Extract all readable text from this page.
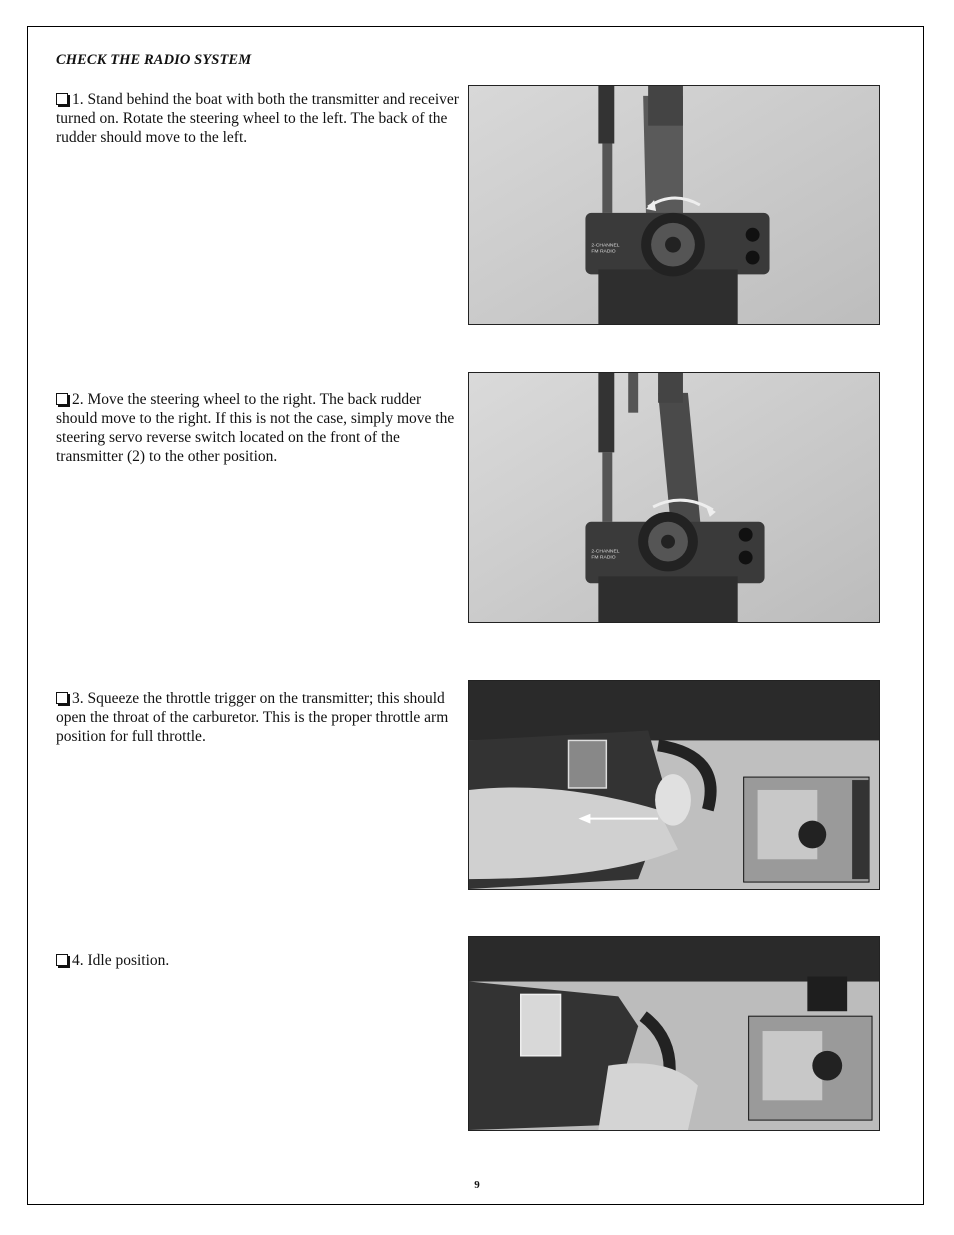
CHECK THE RADIO SYSTEM
1. Stand behind the boat with both the transmitter and receiver turned on. Rotate the steering wheel to the left. The back of the rudder should move to the left.
2-CHANNEL
FM RADIO
2. Move the steering wheel to the right. The back rudder should move to the right. If this is not the case, simply move the steering servo reverse switch located on the front of the transmitter (2) to the other position.
2-CHANNEL
FM RADIO
3. Squeeze the throttle trigger on the transmitter; this should open the throat of the carburetor. This is the proper throttle arm position for full throttle.
4. Idle position.
9
